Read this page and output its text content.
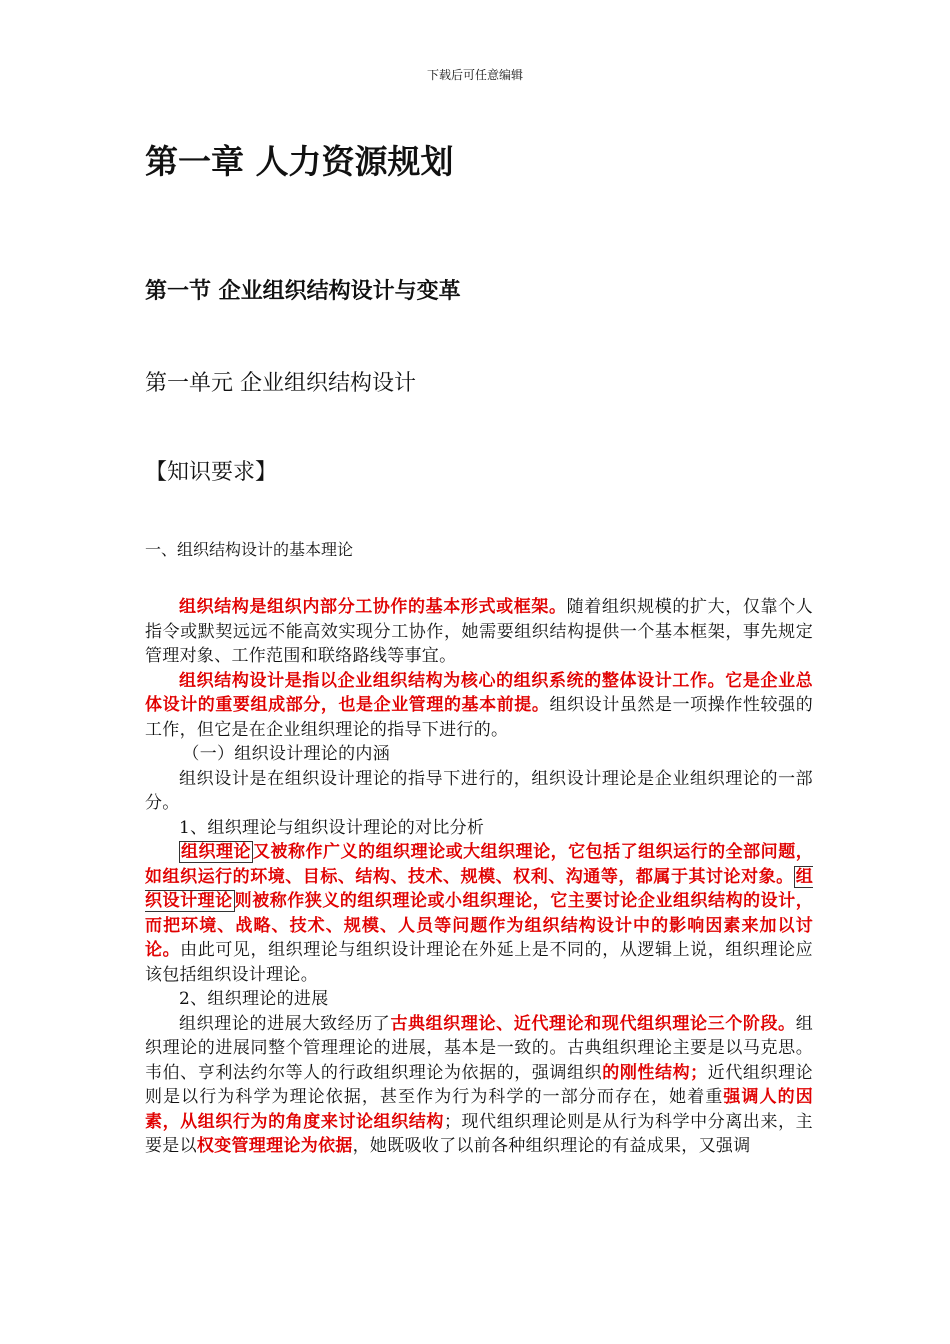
下载后可任意编辑
第一章 人力资源规划
第一节 企业组织结构设计与变革
第一单元 企业组织结构设计
【知识要求】
一、组织结构设计的基本理论

组织结构是组织内部分工协作的基本形式或框架。随着组织规模的扩大，仅靠个人指令或默契远远不能高效实现分工协作，她需要组织结构提供一个基本框架，事先规定管理对象、工作范围和联络路线等事宜。

组织结构设计是指以企业组织结构为核心的组织系统的整体设计工作。它是企业总体设计的重要组成部分，也是企业管理的基本前提。组织设计虽然是一项操作性较强的工作，但它是在企业组织理论的指导下进行的。

（一）组织设计理论的内涵

组织设计是在组织设计理论的指导下进行的，组织设计理论是企业组织理论的一部分。

1、组织理论与组织设计理论的对比分析

组织理论 又被称作广义的组织理论或大组织理论，它包括了组织运行的全部问题，如组织运行的环境、目标、结构、技术、规模、权利、沟通等，都属于其讨论对象。 组织设计理论 则被称作狭义的组织理论或小组织理论，它主要讨论企业组织结构的设计，而把环境、战略、技术、规模、人员等问题作为组织结构设计中的影响因素来加以讨论。由此可见，组织理论与组织设计理论在外延上是不同的，从逻辑上说，组织理论应该包括组织设计理论。

2、组织理论的进展

组织理论的进展大致经历了古典组织理论、近代理论和现代组织理论三个阶段。组织理论的进展同整个管理理论的进展，基本是一致的。古典组织理论主要是以马克思。韦伯、亨利法约尔等人的行政组织理论为依据的，强调组织的刚性结构；近代组织理论则是以行为科学为理论依据，甚至作为行为科学的一部分而存在，她着重强调人的因素，从组织行为的角度来讨论组织结构；现代组织理论则是从行为科学中分离出来，主要是以权变管理理论为依据，她既吸收了以前各种组织理论的有益成果，又强调
